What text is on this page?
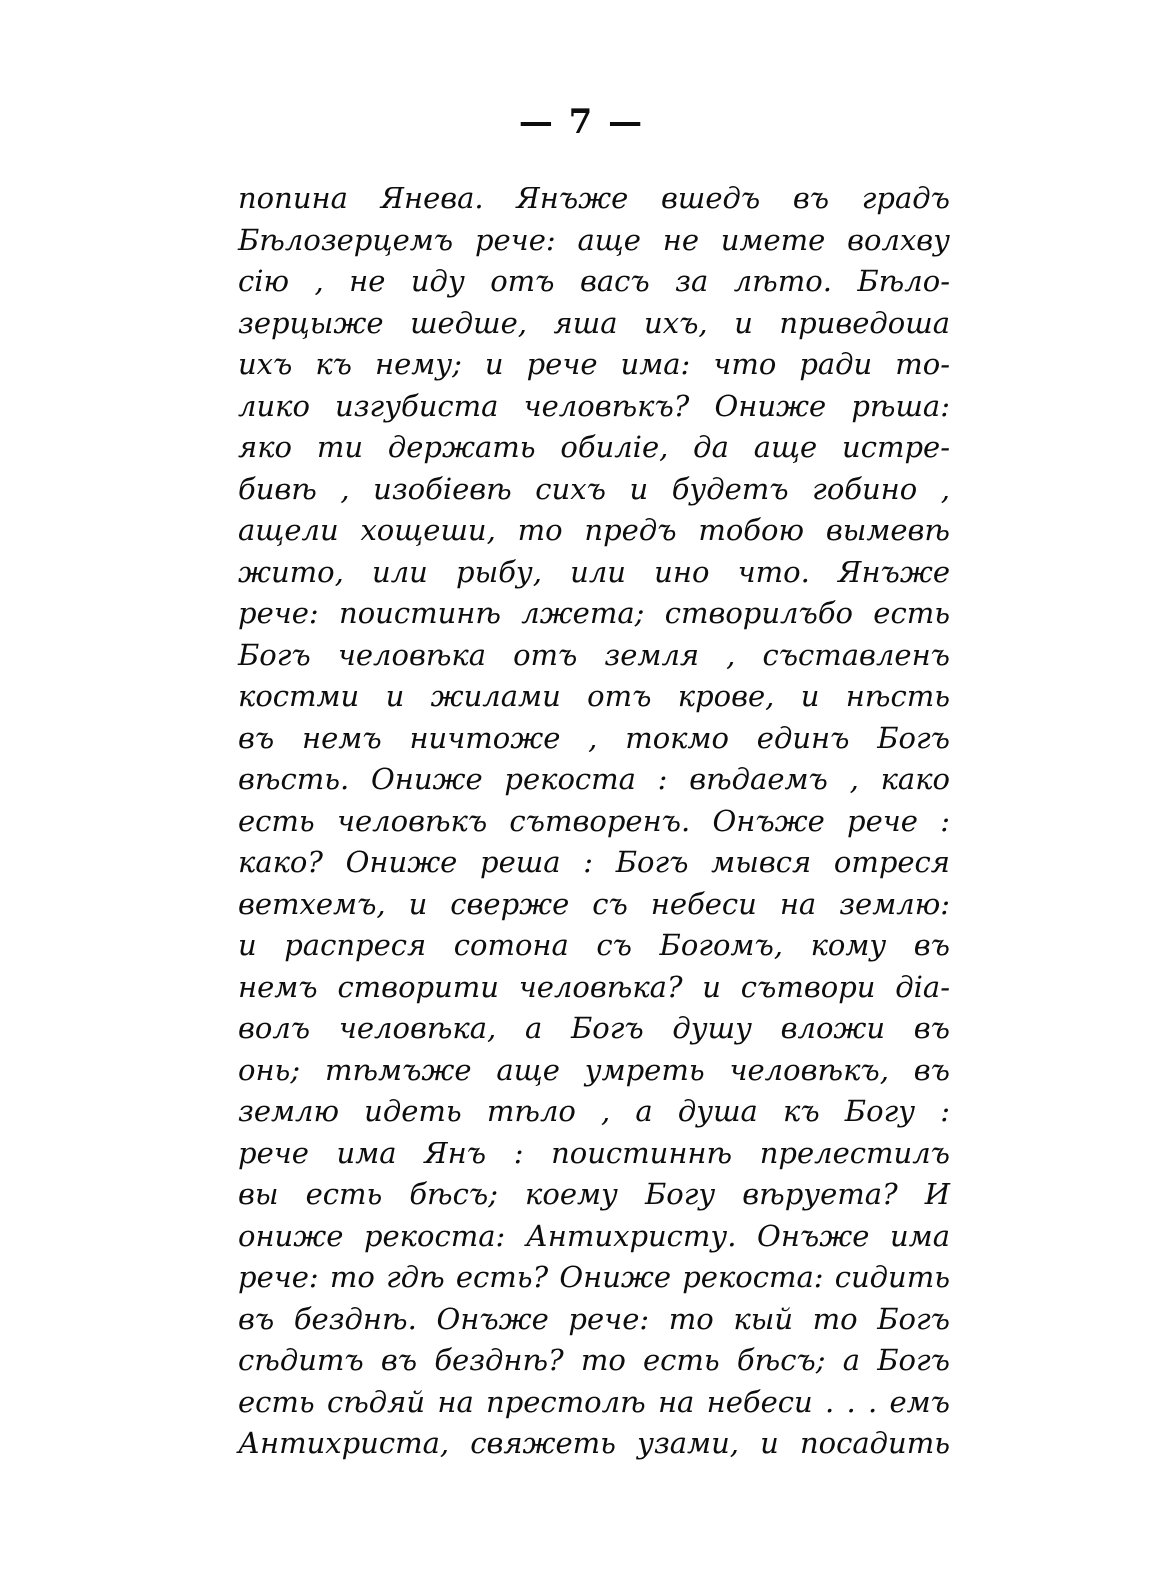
— 7 —
попина Янева. Янъже вшедъ въ градъ
Бѣлозерцемъ рече: аще не имете волхву
сiю , не иду отъ васъ за лѣто. Бѣло-
зерцыже шедше, яша ихъ, и приведоша
ихъ къ нему; и рече има: что ради то-
лико изгубиста человѣкъ? Ониже рѣша:
яко ти держать обилiе, да аще истре-
бивѣ , изобiевѣ сихъ и будетъ гобино ,
ащели хощеши, то предъ тобою вымевѣ
жито, или рыбу, или ино что. Янъже
рече: поистинѣ лжета; створилъбо есть
Богъ человѣка отъ земля , съставленъ
костми и жилами отъ крове, и нѣсть
въ немъ ничтоже , токмо единъ Богъ
вѣсть. Ониже рекоста : вѣдаемъ , како
есть человѣкъ сътворенъ. Онъже рече :
како? Ониже реша : Богъ мывся отреся
ветхемъ, и сверже съ небеси на землю:
и распреся сотона съ Богомъ, кому въ
немъ створити человѣка? и сътвори дiа-
волъ человѣка, а Богъ душу вложи въ
онь; тѣмъже аще умреть человѣкъ, въ
землю идеть тѣло , а душа къ Богу :
рече има Янъ : поистиннѣ прелестилъ
вы есть бѣсъ; коему Богу вѣруета? И
ониже рекоста: Антихристу. Онъже има
рече: то гдѣ есть? Ониже рекоста: сидить
въ безднѣ. Онъже рече: то кый то Богъ
сѣдитъ въ безднѣ? то есть бѣсъ; а Богъ
есть сѣдяй на престолѣ на небеси . . . емъ
Антихриста, свяжеть узами, и посадить
